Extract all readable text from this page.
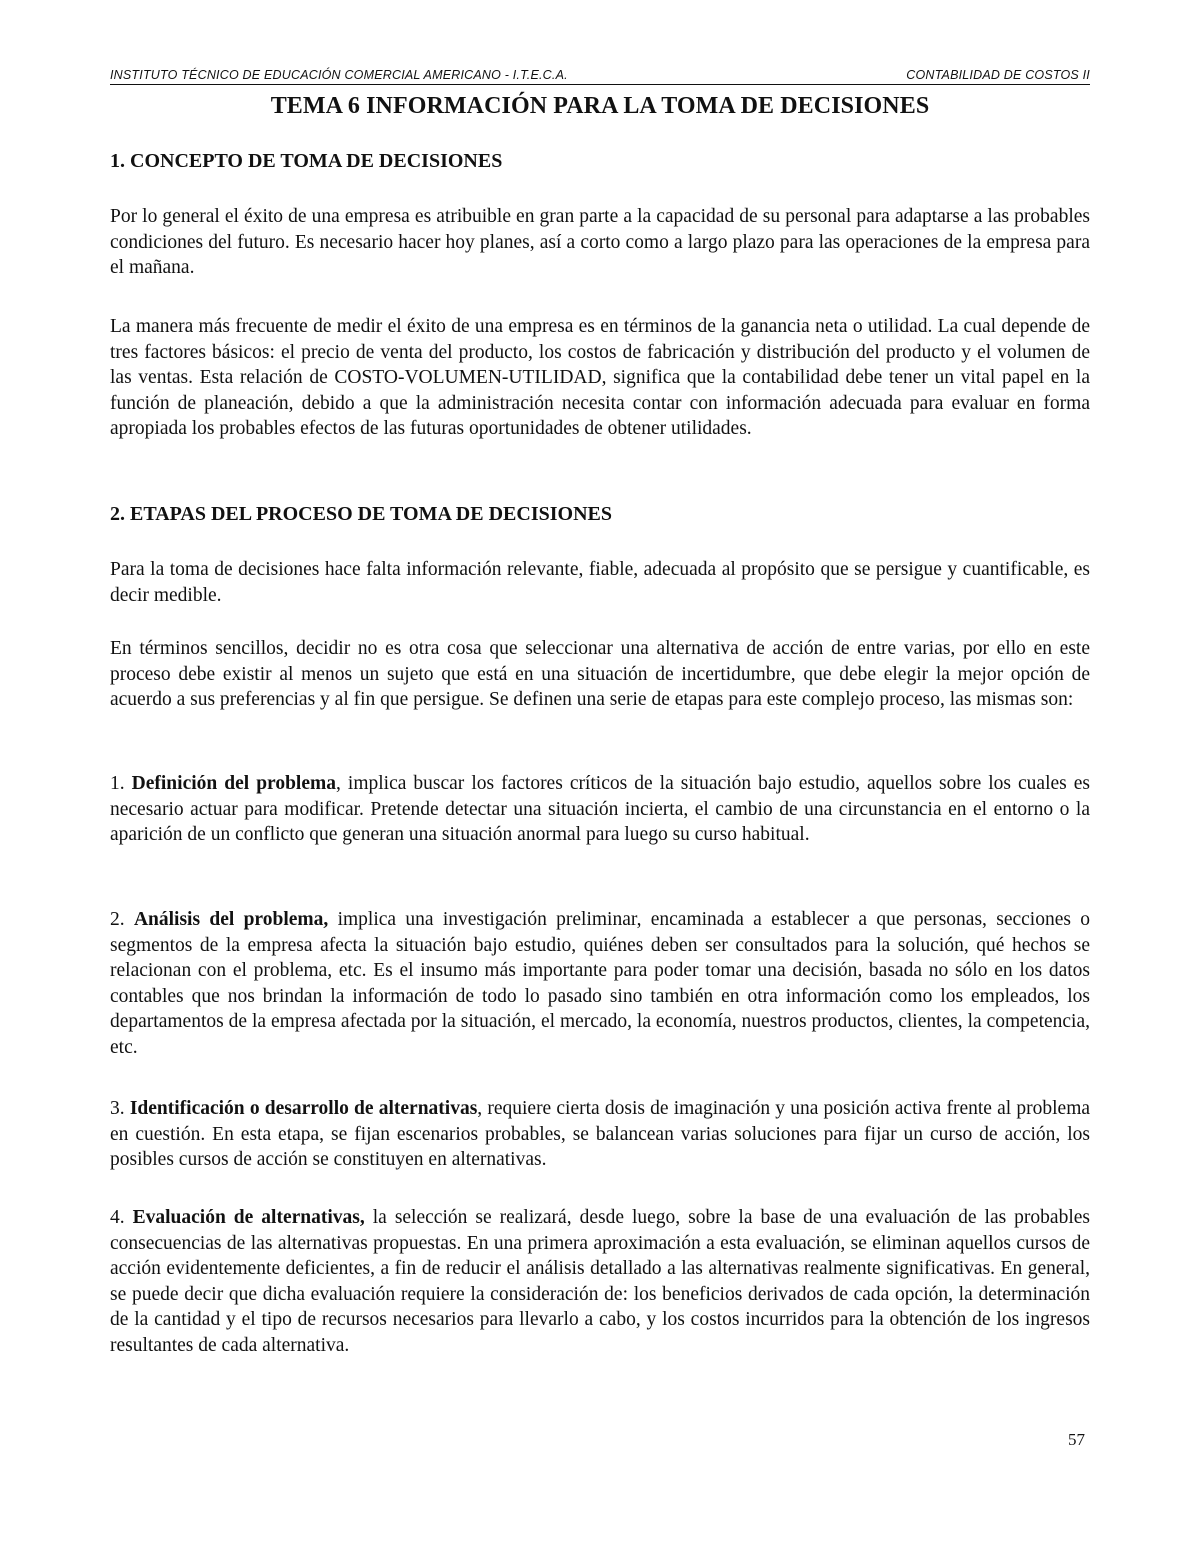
INSTITUTO TÉCNICO DE EDUCACIÓN COMERCIAL AMERICANO - I.T.E.C.A.	CONTABILIDAD DE COSTOS II
TEMA 6 INFORMACIÓN PARA LA TOMA DE DECISIONES
1. CONCEPTO DE TOMA DE DECISIONES

Por lo general el éxito de una empresa es atribuible en gran parte a la capacidad de su personal para adaptarse a las probables condiciones del futuro. Es necesario hacer hoy planes, así a corto como a largo plazo para las operaciones de la empresa para el mañana.

La manera más frecuente de medir el éxito de una empresa es en términos de la ganancia neta o utilidad. La cual depende de tres factores básicos: el precio de venta del producto, los costos de fabricación y distribución del producto y el volumen de las ventas. Esta relación de COSTO-VOLUMEN-UTILIDAD, significa que la contabilidad debe tener un vital papel en la función de planeación, debido a que la administración necesita contar con información adecuada para evaluar en forma apropiada los probables efectos de las futuras oportunidades de obtener utilidades.

2. ETAPAS DEL PROCESO DE TOMA DE DECISIONES

Para la toma de decisiones hace falta información relevante, fiable, adecuada al propósito que se persigue y cuantificable, es decir medible.

En términos sencillos, decidir no es otra cosa que seleccionar una alternativa de acción de entre varias, por ello en este proceso debe existir al menos un sujeto que está en una situación de incertidumbre, que debe elegir la mejor opción de acuerdo a sus preferencias y al fin que persigue. Se definen una serie de etapas para este complejo proceso, las mismas son:

1. Definición del problema, implica buscar los factores críticos de la situación bajo estudio, aquellos sobre los cuales es necesario actuar para modificar. Pretende detectar una situación incierta, el cambio de una circunstancia en el entorno o la aparición de un conflicto que generan una situación anormal para luego su curso habitual.

2. Análisis del problema, implica una investigación preliminar, encaminada a establecer a que personas, secciones o segmentos de la empresa afecta la situación bajo estudio, quiénes deben ser consultados para la solución, qué hechos se relacionan con el problema, etc. Es el insumo más importante para poder tomar una decisión, basada no sólo en los datos contables que nos brindan la información de todo lo pasado sino también en otra información como los empleados, los departamentos de la empresa afectada por la situación, el mercado, la economía, nuestros productos, clientes, la competencia, etc.

3. Identificación o desarrollo de alternativas, requiere cierta dosis de imaginación y una posición activa frente al problema en cuestión. En esta etapa, se fijan escenarios probables, se balancean varias soluciones para fijar un curso de acción, los posibles cursos de acción se constituyen en alternativas.

4. Evaluación de alternativas, la selección se realizará, desde luego, sobre la base de una evaluación de las probables consecuencias de las alternativas propuestas. En una primera aproximación a esta evaluación, se eliminan aquellos cursos de acción evidentemente deficientes, a fin de reducir el análisis detallado a las alternativas realmente significativas. En general, se puede decir que dicha evaluación requiere la consideración de: los beneficios derivados de cada opción, la determinación de la cantidad y el tipo de recursos necesarios para llevarlo a cabo, y los costos incurridos para la obtención de los ingresos resultantes de cada alternativa.

57
